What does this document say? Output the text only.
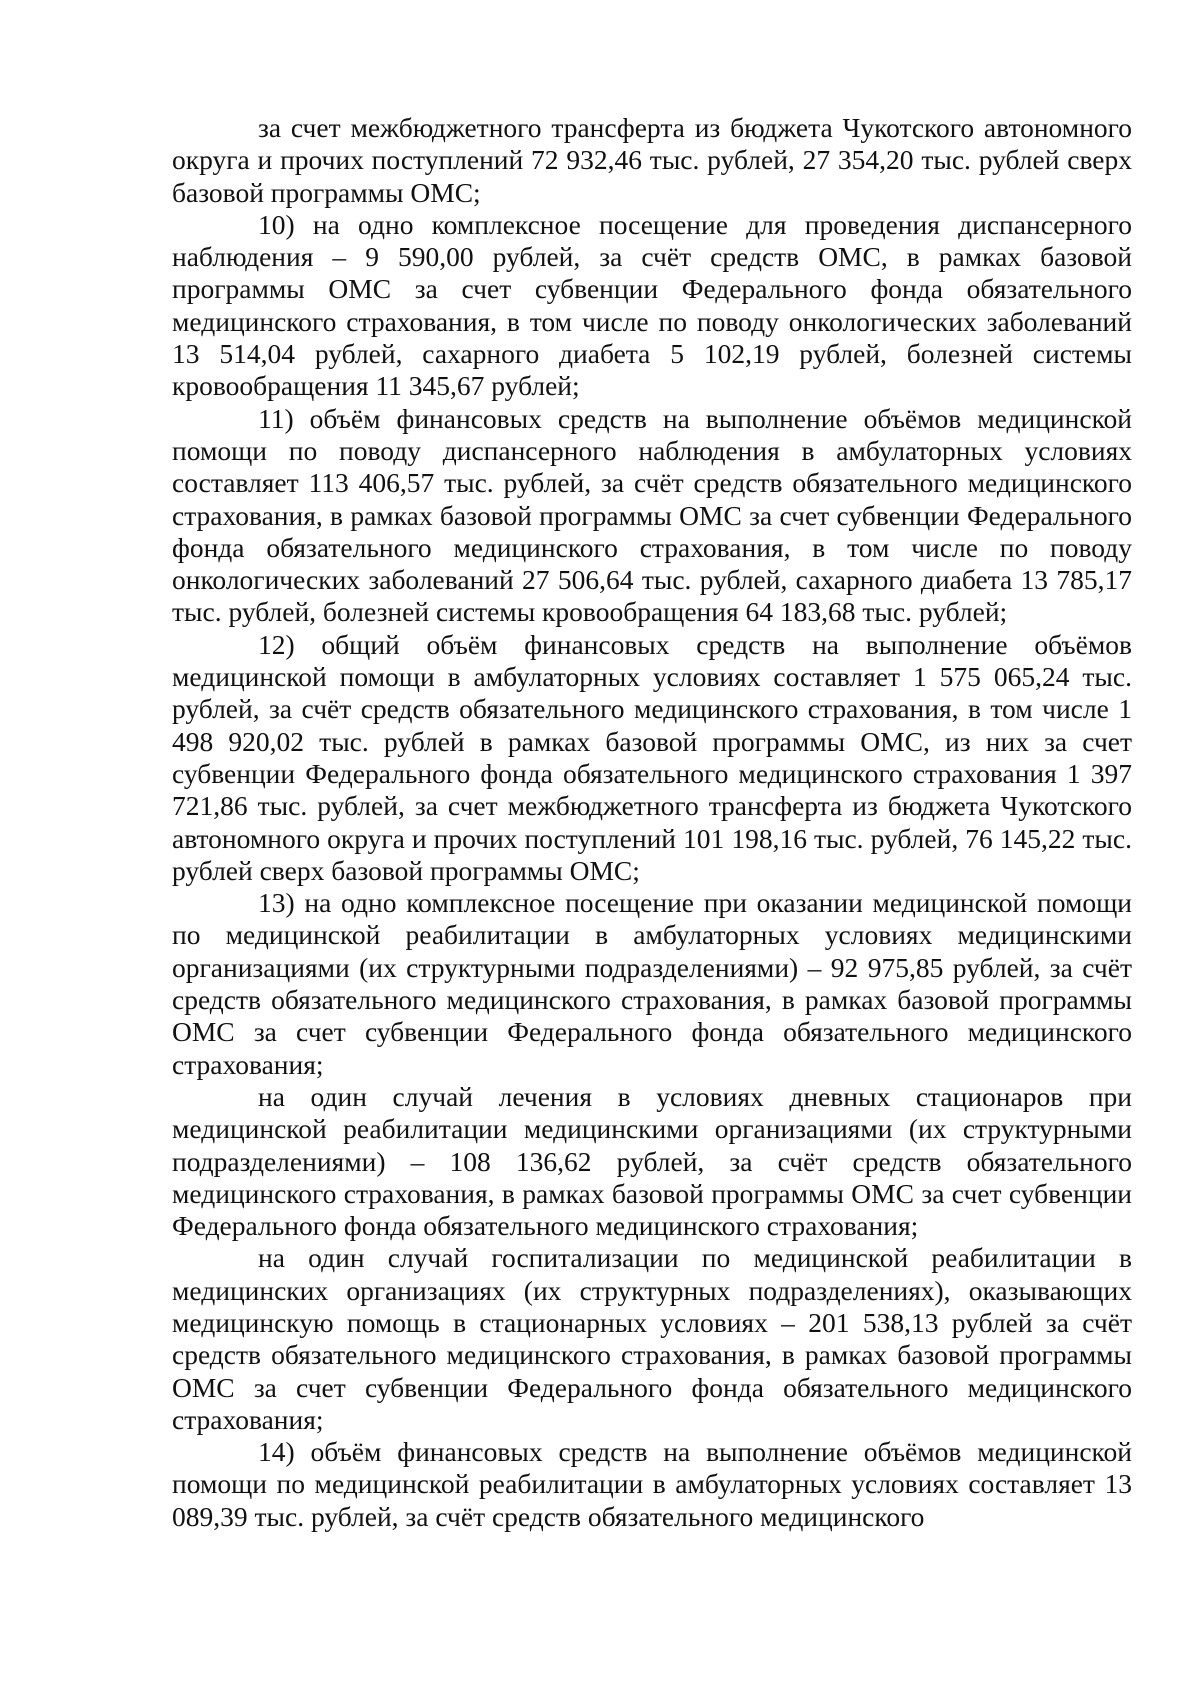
за счет межбюджетного трансферта из бюджета Чукотского автономного округа и прочих поступлений 72 932,46 тыс. рублей, 27 354,20 тыс. рублей сверх базовой программы ОМС;

10) на одно комплексное посещение для проведения диспансерного наблюдения – 9 590,00 рублей, за счёт средств ОМС, в рамках базовой программы ОМС за счет субвенции Федерального фонда обязательного медицинского страхования, в том числе по поводу онкологических заболеваний 13 514,04 рублей, сахарного диабета 5 102,19 рублей, болезней системы кровообращения 11 345,67 рублей;

11) объём финансовых средств на выполнение объёмов медицинской помощи по поводу диспансерного наблюдения в амбулаторных условиях составляет 113 406,57 тыс. рублей, за счёт средств обязательного медицинского страхования, в рамках базовой программы ОМС за счет субвенции Федерального фонда обязательного медицинского страхования, в том числе по поводу онкологических заболеваний 27 506,64 тыс. рублей, сахарного диабета 13 785,17 тыс. рублей, болезней системы кровообращения 64 183,68 тыс. рублей;

12) общий объём финансовых средств на выполнение объёмов медицинской помощи в амбулаторных условиях составляет 1 575 065,24 тыс. рублей, за счёт средств обязательного медицинского страхования, в том числе 1 498 920,02 тыс. рублей в рамках базовой программы ОМС, из них за счет субвенции Федерального фонда обязательного медицинского страхования 1 397 721,86 тыс. рублей, за счет межбюджетного трансферта из бюджета Чукотского автономного округа и прочих поступлений 101 198,16 тыс. рублей, 76 145,22 тыс. рублей сверх базовой программы ОМС;

13) на одно комплексное посещение при оказании медицинской помощи по медицинской реабилитации в амбулаторных условиях медицинскими организациями (их структурными подразделениями) – 92 975,85 рублей, за счёт средств обязательного медицинского страхования, в рамках базовой программы ОМС за счет субвенции Федерального фонда обязательного медицинского страхования;

на один случай лечения в условиях дневных стационаров при медицинской реабилитации медицинскими организациями (их структурными подразделениями) – 108 136,62 рублей, за счёт средств обязательного медицинского страхования, в рамках базовой программы ОМС за счет субвенции Федерального фонда обязательного медицинского страхования;

на один случай госпитализации по медицинской реабилитации в медицинских организациях (их структурных подразделениях), оказывающих медицинскую помощь в стационарных условиях – 201 538,13 рублей за счёт средств обязательного медицинского страхования, в рамках базовой программы ОМС за счет субвенции Федерального фонда обязательного медицинского страхования;

14) объём финансовых средств на выполнение объёмов медицинской помощи по медицинской реабилитации в амбулаторных условиях составляет 13 089,39 тыс. рублей, за счёт средств обязательного медицинского
